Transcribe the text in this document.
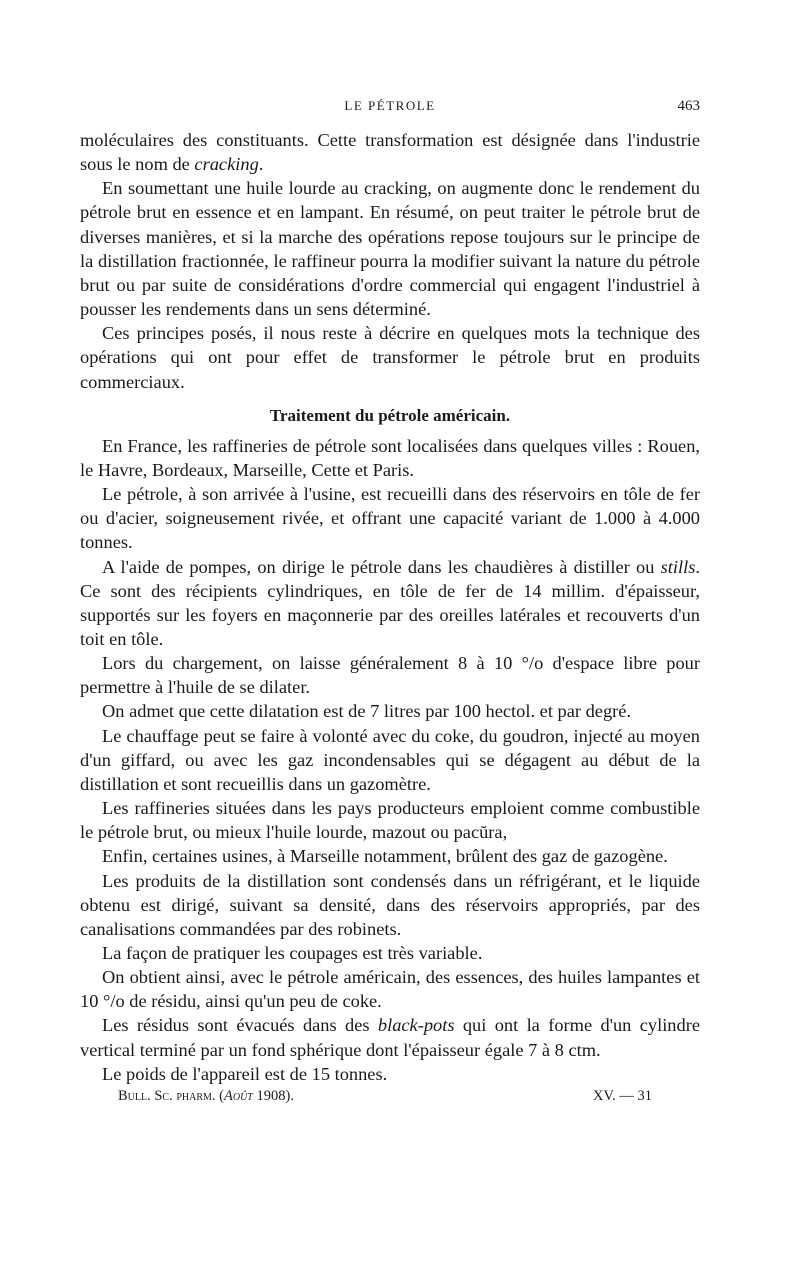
LE PÉTROLE	463

moléculaires des constituants. Cette transformation est désignée dans l'industrie sous le nom de cracking.

En soumettant une huile lourde au cracking, on augmente donc le rendement du pétrole brut en essence et en lampant. En résumé, on peut traiter le pétrole brut de diverses manières, et si la marche des opérations repose toujours sur le principe de la distillation fractionnée, le raffineur pourra la modifier suivant la nature du pétrole brut ou par suite de considérations d'ordre commercial qui engagent l'industriel à pousser les rendements dans un sens déterminé.

Ces principes posés, il nous reste à décrire en quelques mots la technique des opérations qui ont pour effet de transformer le pétrole brut en produits commerciaux.

Traitement du pétrole américain.

En France, les raffineries de pétrole sont localisées dans quelques villes : Rouen, le Havre, Bordeaux, Marseille, Cette et Paris.

Le pétrole, à son arrivée à l'usine, est recueilli dans des réservoirs en tôle de fer ou d'acier, soigneusement rivée, et offrant une capacité variant de 1.000 à 4.000 tonnes.

A l'aide de pompes, on dirige le pétrole dans les chaudières à distiller ou stills. Ce sont des récipients cylindriques, en tôle de fer de 14 millim. d'épaisseur, supportés sur les foyers en maçonnerie par des oreilles latérales et recouverts d'un toit en tôle.

Lors du chargement, on laisse généralement 8 à 10 °/o d'espace libre pour permettre à l'huile de se dilater.

On admet que cette dilatation est de 7 litres par 100 hectol. et par degré.

Le chauffage peut se faire à volonté avec du coke, du goudron, injecté au moyen d'un giffard, ou avec les gaz incondensables qui se dégagent au début de la distillation et sont recueillis dans un gazomètre.

Les raffineries situées dans les pays producteurs emploient comme combustible le pétrole brut, ou mieux l'huile lourde, mazout ou pacŭra,

Enfin, certaines usines, à Marseille notamment, brûlent des gaz de gazogène.

Les produits de la distillation sont condensés dans un réfrigérant, et le liquide obtenu est dirigé, suivant sa densité, dans des réservoirs appropriés, par des canalisations commandées par des robinets.

La façon de pratiquer les coupages est très variable.

On obtient ainsi, avec le pétrole américain, des essences, des huiles lampantes et 10 °/o de résidu, ainsi qu'un peu de coke.

Les résidus sont évacués dans des black-pots qui ont la forme d'un cylindre vertical terminé par un fond sphérique dont l'épaisseur égale 7 à 8 ctm.

Le poids de l'appareil est de 15 tonnes.

Bull. Sc. pharm. (Août 1908).	XV. — 31
